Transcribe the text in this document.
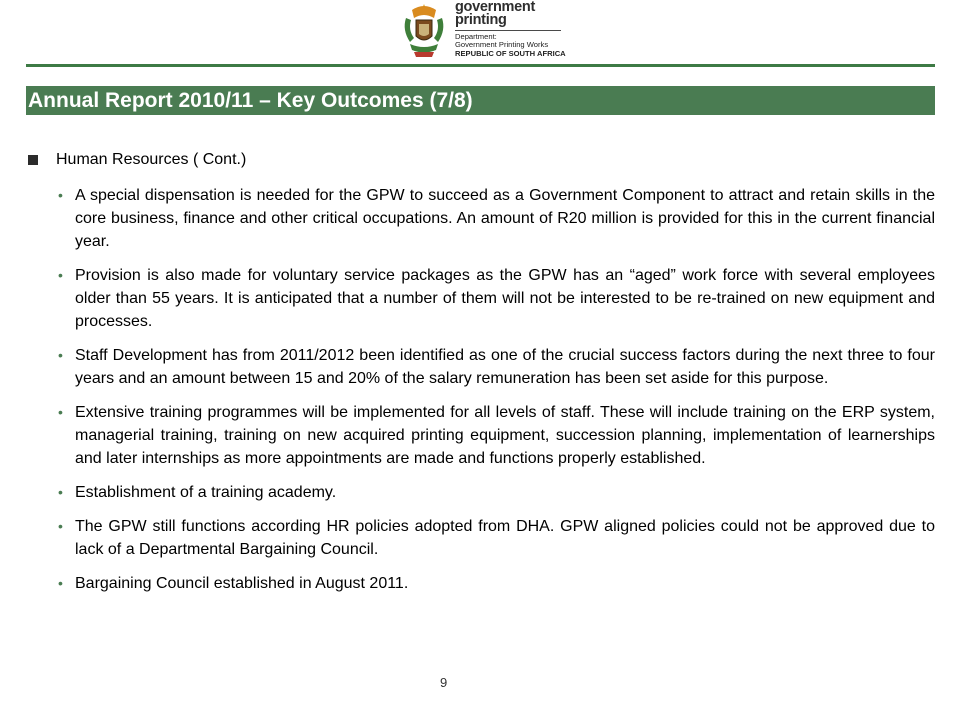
government
printing
Department:
Government Printing Works
REPUBLIC OF SOUTH AFRICA
Annual Report 2010/11 – Key Outcomes (7/8)
Human Resources ( Cont.)
• A special dispensation is needed for the GPW to succeed as a Government Component to attract and retain skills in the core business, finance and other critical occupations. An amount of R20 million is provided for this in the current financial year.
• Provision is also made for voluntary service packages as the GPW has an “aged” work force with several employees older than 55 years. It is anticipated that a number of them will not be interested to be re-trained on new equipment and processes.
• Staff Development has from 2011/2012 been identified as one of the crucial success factors during the next three to four years and an amount between 15 and 20% of the salary remuneration has been set aside for this purpose.
• Extensive training programmes will be implemented for all levels of staff. These will include training on the ERP system, managerial training, training on new acquired printing equipment, succession planning, implementation of learnerships and later internships as more appointments are made and functions properly established.
• Establishment of a training academy.
• The GPW still functions according HR policies adopted from DHA. GPW aligned policies could not be approved due to lack of a Departmental Bargaining Council.
• Bargaining Council established in August 2011.
9
